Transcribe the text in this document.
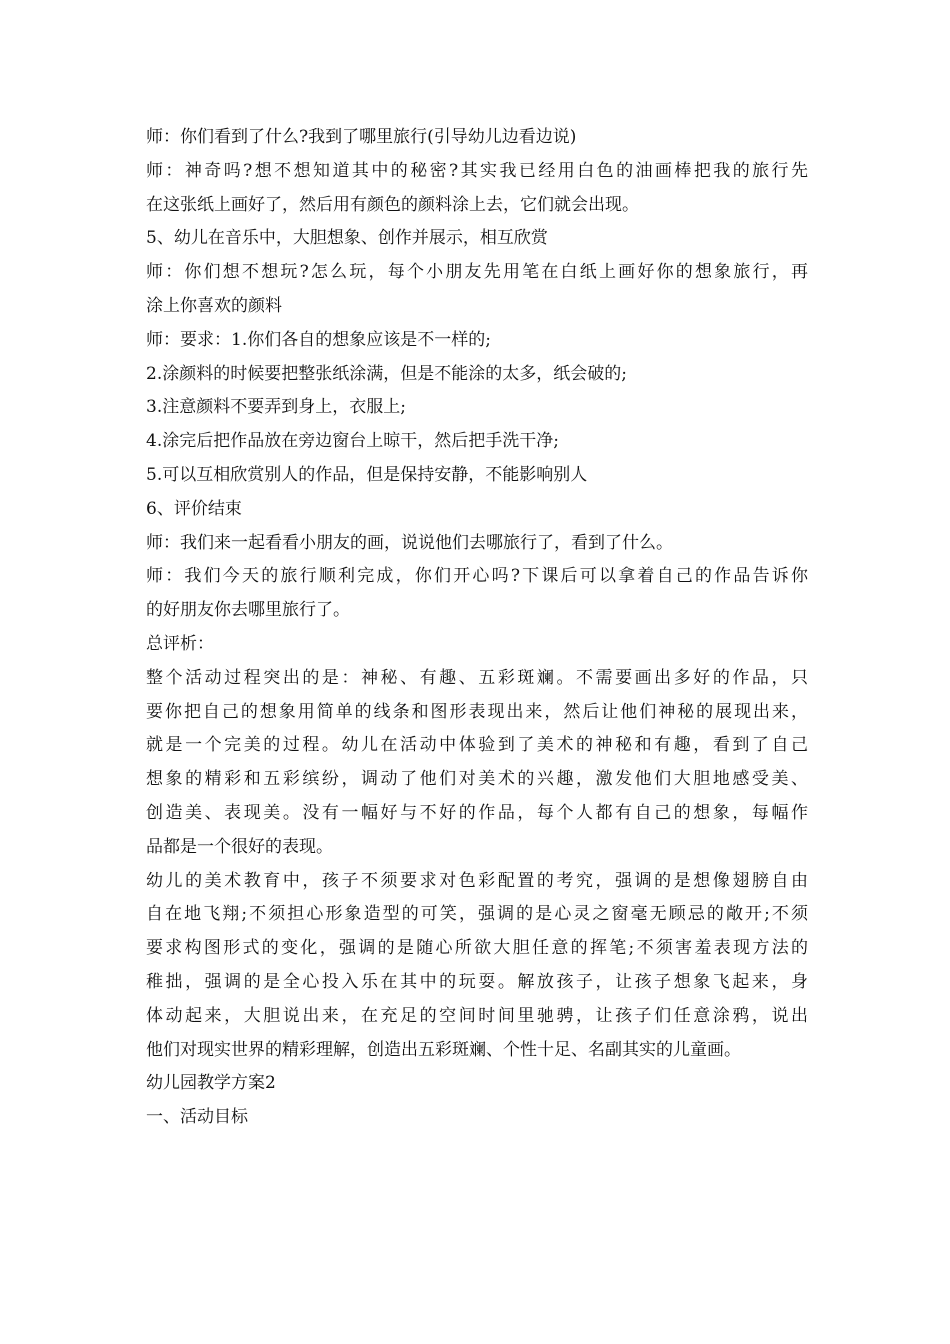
师：你们看到了什么?我到了哪里旅行(引导幼儿边看边说)
师：神奇吗?想不想知道其中的秘密?其实我已经用白色的油画棒把我的旅行先
在这张纸上画好了，然后用有颜色的颜料涂上去，它们就会出现。
5、幼儿在音乐中，大胆想象、创作并展示，相互欣赏
师：你们想不想玩?怎么玩，每个小朋友先用笔在白纸上画好你的想象旅行，再
涂上你喜欢的颜料
师：要求：1.你们各自的想象应该是不一样的;
2.涂颜料的时候要把整张纸涂满，但是不能涂的太多，纸会破的;
3.注意颜料不要弄到身上，衣服上;
4.涂完后把作品放在旁边窗台上晾干，然后把手洗干净;
5.可以互相欣赏别人的作品，但是保持安静，不能影响别人
6、评价结束
师：我们来一起看看小朋友的画，说说他们去哪旅行了，看到了什么。
师：我们今天的旅行顺利完成，你们开心吗?下课后可以拿着自己的作品告诉你
的好朋友你去哪里旅行了。
总评析：
整个活动过程突出的是：神秘、有趣、五彩斑斓。不需要画出多好的作品，只
要你把自己的想象用简单的线条和图形表现出来，然后让他们神秘的展现出来，
就是一个完美的过程。幼儿在活动中体验到了美术的神秘和有趣，看到了自己
想象的精彩和五彩缤纷，调动了他们对美术的兴趣，激发他们大胆地感受美、
创造美、表现美。没有一幅好与不好的作品，每个人都有自己的想象，每幅作
品都是一个很好的表现。
幼儿的美术教育中，孩子不须要求对色彩配置的考究，强调的是想像翅膀自由
自在地飞翔;不须担心形象造型的可笑，强调的是心灵之窗毫无顾忌的敞开;不须
要求构图形式的变化，强调的是随心所欲大胆任意的挥笔;不须害羞表现方法的
稚拙，强调的是全心投入乐在其中的玩耍。解放孩子，让孩子想象飞起来，身
体动起来，大胆说出来，在充足的空间时间里驰骋，让孩子们任意涂鸦，说出
他们对现实世界的精彩理解，创造出五彩斑斓、个性十足、名副其实的儿童画。
幼儿园教学方案2
一、活动目标
